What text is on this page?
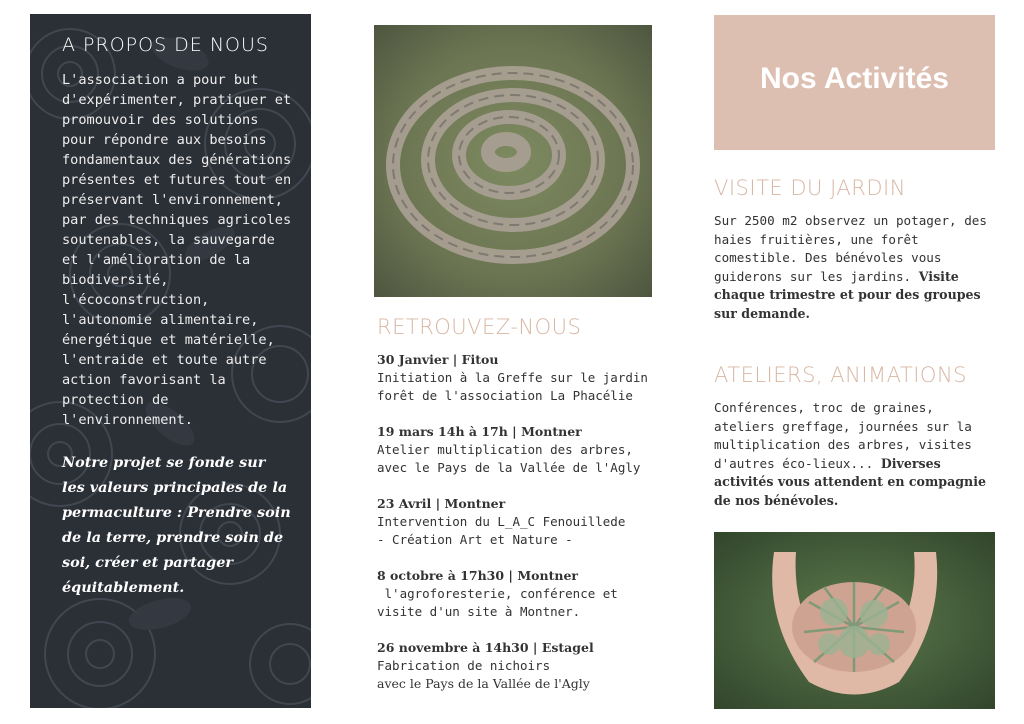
A PROPOS DE NOUS

L'association a pour but d'expérimenter, pratiquer et promouvoir des solutions pour répondre aux besoins fondamentaux des générations présentes et futures tout en préservant l'environnement, par des techniques agricoles soutenables, la sauvegarde et l'amélioration de la biodiversité, l'écoconstruction, l'autonomie alimentaire, énergétique et matérielle, l'entraide et toute autre action favorisant la protection de l'environnement.

Notre projet se fonde sur les valeurs principales de la permaculture : Prendre soin de la terre, prendre soin de soi, créer et partager équitablement.

RETROUVEZ-NOUS
30 Janvier | Fitou
Initiation à la Greffe sur le jardin
forêt de l'association La Phacélie
19 mars 14h à 17h | Montner
Atelier multiplication des arbres,
avec le Pays de la Vallée de l'Agly
23 Avril | Montner
Intervention du L_A_C Fenouillede
- Création Art et Nature -
8 octobre à 17h30 | Montner
l'agroforesterie, conférence et
visite d'un site à Montner.
26 novembre à 14h30 | Estagel
Fabrication de nichoirs
avec le Pays de la Vallée de l'Agly
Nos Activités
VISITE DU JARDIN

Sur 2500 m2 observez un potager, des haies fruitières, une forêt comestible. Des bénévoles vous guiderons sur les jardins. Visite chaque trimestre et pour des groupes sur demande.

ATELIERS, ANIMATIONS

Conférences, troc de graines, ateliers greffage, journées sur la multiplication des arbres, visites d'autres éco-lieux... Diverses activités vous attendent en compagnie de nos bénévoles.
